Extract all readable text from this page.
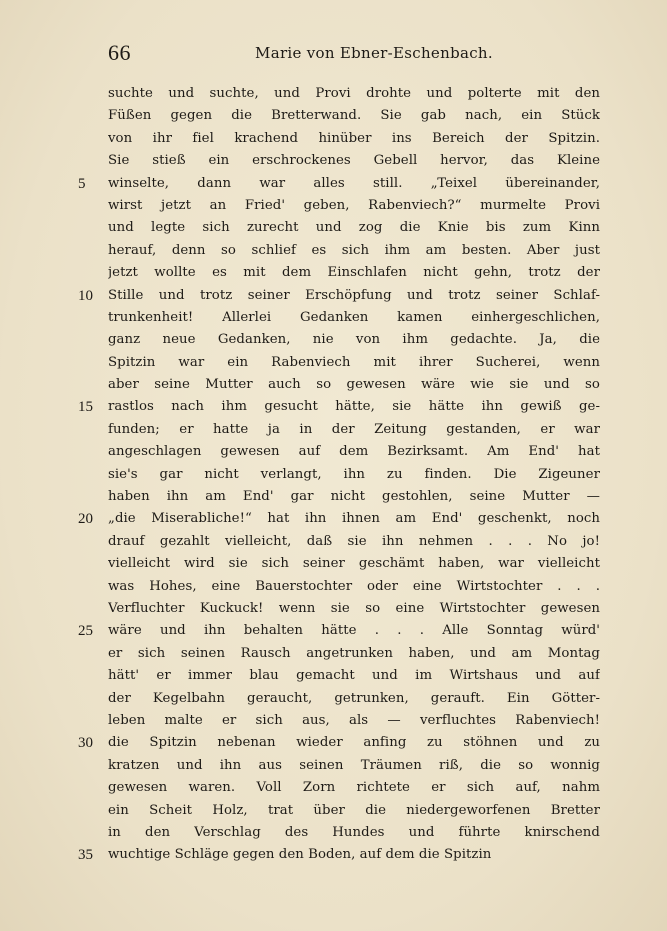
66	Marie von Ebner-Eschenbach.
suchte und suchte, und Provi drohte und polterte mit den
Füßen gegen die Bretterwand. Sie gab nach, ein Stück
von ihr fiel krachend hinüber ins Bereich der Spitzin.
Sie stieß ein erschrockenes Gebell hervor, das Kleine
5	winselte, dann war alles still. „Teixel übereinander,
wirst jetzt an Fried' geben, Rabenviech?“ murmelte Provi
und legte sich zurecht und zog die Knie bis zum Kinn
herauf, denn so schlief es sich ihm am besten. Aber just
jetzt wollte es mit dem Einschlafen nicht gehn, trotz der
10	Stille und trotz seiner Erschöpfung und trotz seiner Schlaf-
trunkenheit! Allerlei Gedanken kamen einhergeschlichen,
ganz neue Gedanken, nie von ihm gedachte. Ja, die
Spitzin war ein Rabenviech mit ihrer Sucherei, wenn
aber seine Mutter auch so gewesen wäre wie sie und so
15	rastlos nach ihm gesucht hätte, sie hätte ihn gewiß ge-
funden; er hatte ja in der Zeitung gestanden, er war
angeschlagen gewesen auf dem Bezirksamt. Am End' hat
sie's gar nicht verlangt, ihn zu finden. Die Zigeuner
haben ihn am End' gar nicht gestohlen, seine Mutter —
20	„die Miserabliche!“ hat ihn ihnen am End' geschenkt, noch
drauf gezahlt vielleicht, daß sie ihn nehmen . . . No jo!
vielleicht wird sie sich seiner geschämt haben, war vielleicht
was Hohes, eine Bauerstochter oder eine Wirtstochter . . .
Verfluchter Kuckuck! wenn sie so eine Wirtstochter gewesen
25	wäre und ihn behalten hätte . . . Alle Sonntag würd'
er sich seinen Rausch angetrunken haben, und am Montag
hätt' er immer blau gemacht und im Wirtshaus und auf
der Kegelbahn geraucht, getrunken, gerauft. Ein Götter-
leben malte er sich aus, als — verfluchtes Rabenviech!
30	die Spitzin nebenan wieder anfing zu stöhnen und zu
kratzen und ihn aus seinen Träumen riß, die so wonnig
gewesen waren. Voll Zorn richtete er sich auf, nahm
ein Scheit Holz, trat über die niedergeworfenen Bretter
in den Verschlag des Hundes und führte knirschend
35	wuchtige Schläge gegen den Boden, auf dem die Spitzin
